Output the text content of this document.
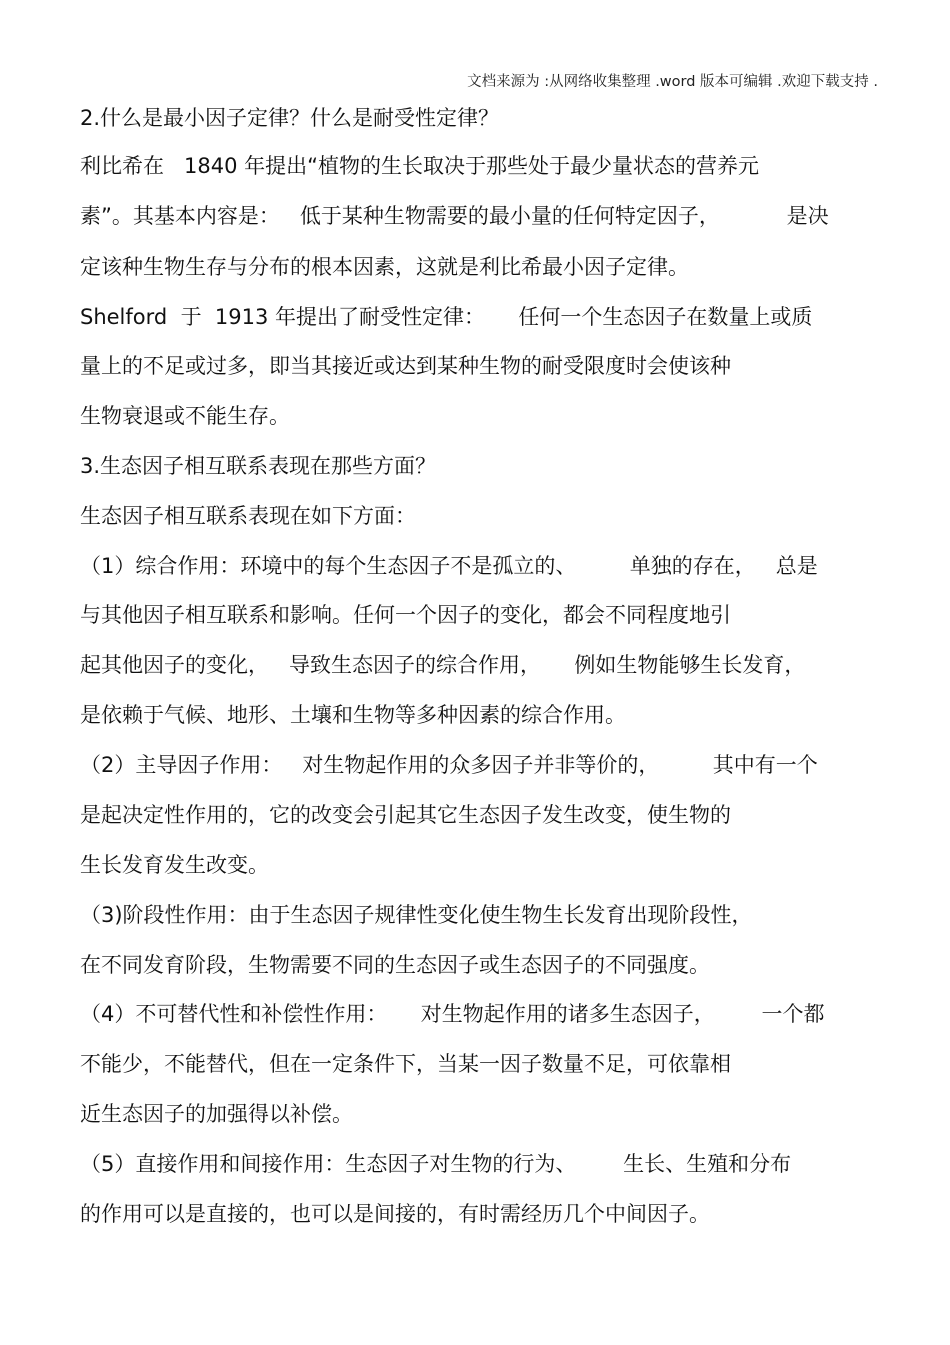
文档来源为 :从网络收集整理 .word 版本可编辑 .欢迎下载支持 .
2.什么是最小因子定律？什么是耐受性定律？
利比希在   1840 年提出“植物的生长取决于那些处于最少量状态的营养元
素”。其基本内容是：   低于某种生物需要的最小量的任何特定因子，          是决
定该种生物生存与分布的根本因素，这就是利比希最小因子定律。
Shelford  于  1913 年提出了耐受性定律：     任何一个生态因子在数量上或质
量上的不足或过多，即当其接近或达到某种生物的耐受限度时会使该种
生物衰退或不能生存。
3.生态因子相互联系表现在那些方面？
生态因子相互联系表现在如下方面：
（1）综合作用：环境中的每个生态因子不是孤立的、        单独的存在，   总是
与其他因子相互联系和影响。任何一个因子的变化，都会不同程度地引
起其他因子的变化，   导致生态因子的综合作用，     例如生物能够生长发育，
是依赖于气候、地形、土壤和生物等多种因素的综合作用。
（2）主导因子作用：   对生物起作用的众多因子并非等价的，        其中有一个
是起决定性作用的，它的改变会引起其它生态因子发生改变，使生物的
生长发育发生改变。
（3)阶段性作用：由于生态因子规律性变化使生物生长发育出现阶段性，
在不同发育阶段，生物需要不同的生态因子或生态因子的不同强度。
（4）不可替代性和补偿性作用：     对生物起作用的诸多生态因子，       一个都
不能少，不能替代，但在一定条件下，当某一因子数量不足，可依靠相
近生态因子的加强得以补偿。
（5）直接作用和间接作用：生态因子对生物的行为、       生长、生殖和分布
的作用可以是直接的，也可以是间接的，有时需经历几个中间因子。
